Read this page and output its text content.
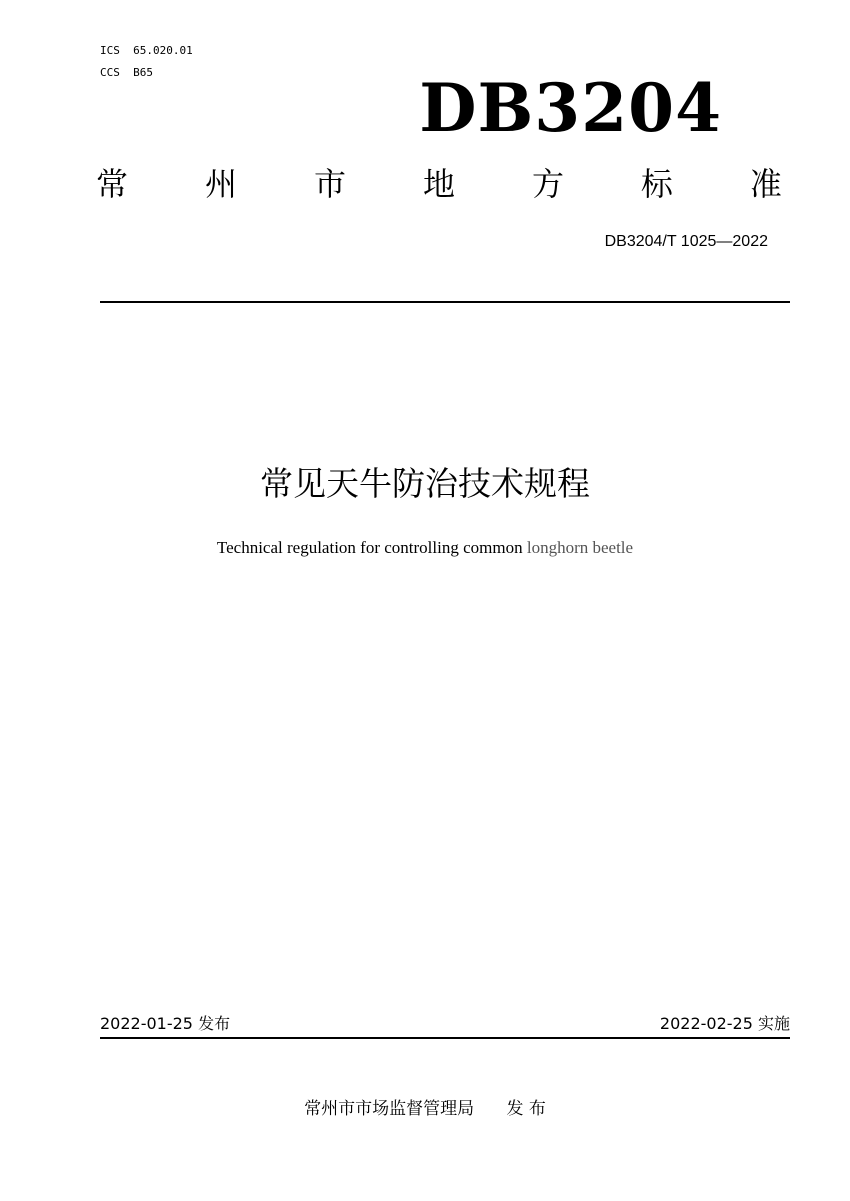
ICS  65.020.01
CCS  B65	DB3204
常 州 市 地 方 标 准
DB3204/T 1025—2022
常见天牛防治技术规程
Technical regulation for controlling common longhorn beetle
2022-01-25 发布	2022-02-25 实施
常州市市场监督管理局 发 布
